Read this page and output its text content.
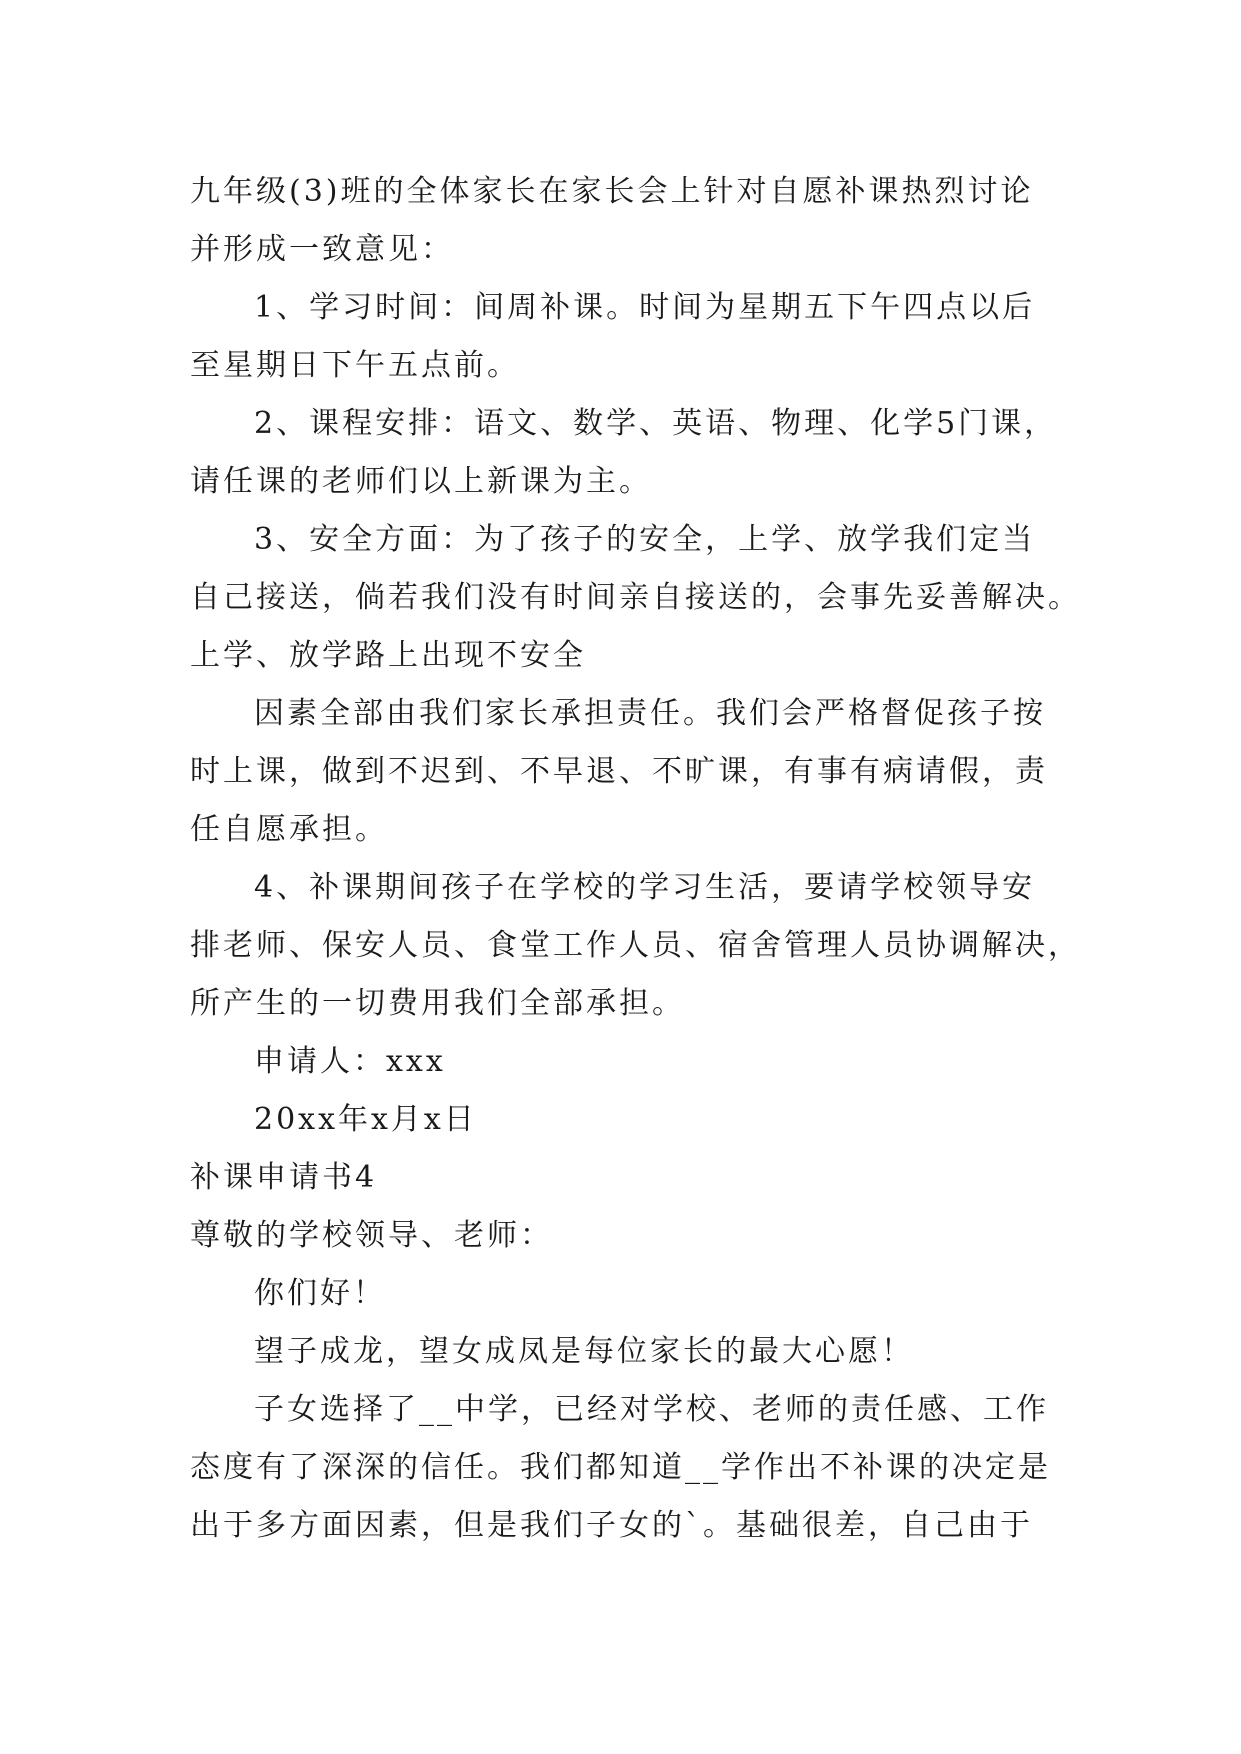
九年级(3)班的全体家长在家长会上针对自愿补课热烈讨论
并形成一致意见：
1、学习时间：间周补课。时间为星期五下午四点以后
至星期日下午五点前。
2、课程安排：语文、数学、英语、物理、化学5门课，
请任课的老师们以上新课为主。
3、安全方面：为了孩子的安全，上学、放学我们定当
自己接送，倘若我们没有时间亲自接送的，会事先妥善解决。
上学、放学路上出现不安全
因素全部由我们家长承担责任。我们会严格督促孩子按
时上课，做到不迟到、不早退、不旷课，有事有病请假，责
任自愿承担。
4、补课期间孩子在学校的学习生活，要请学校领导安
排老师、保安人员、食堂工作人员、宿舍管理人员协调解决，
所产生的一切费用我们全部承担。
申请人：xxx
20xx年x月x日
补课申请书4
尊敬的学校领导、老师：
你们好！
望子成龙，望女成凤是每位家长的最大心愿！
子女选择了__中学，已经对学校、老师的责任感、工作
态度有了深深的信任。我们都知道__学作出不补课的决定是
出于多方面因素，但是我们子女的`。基础很差，自己由于
